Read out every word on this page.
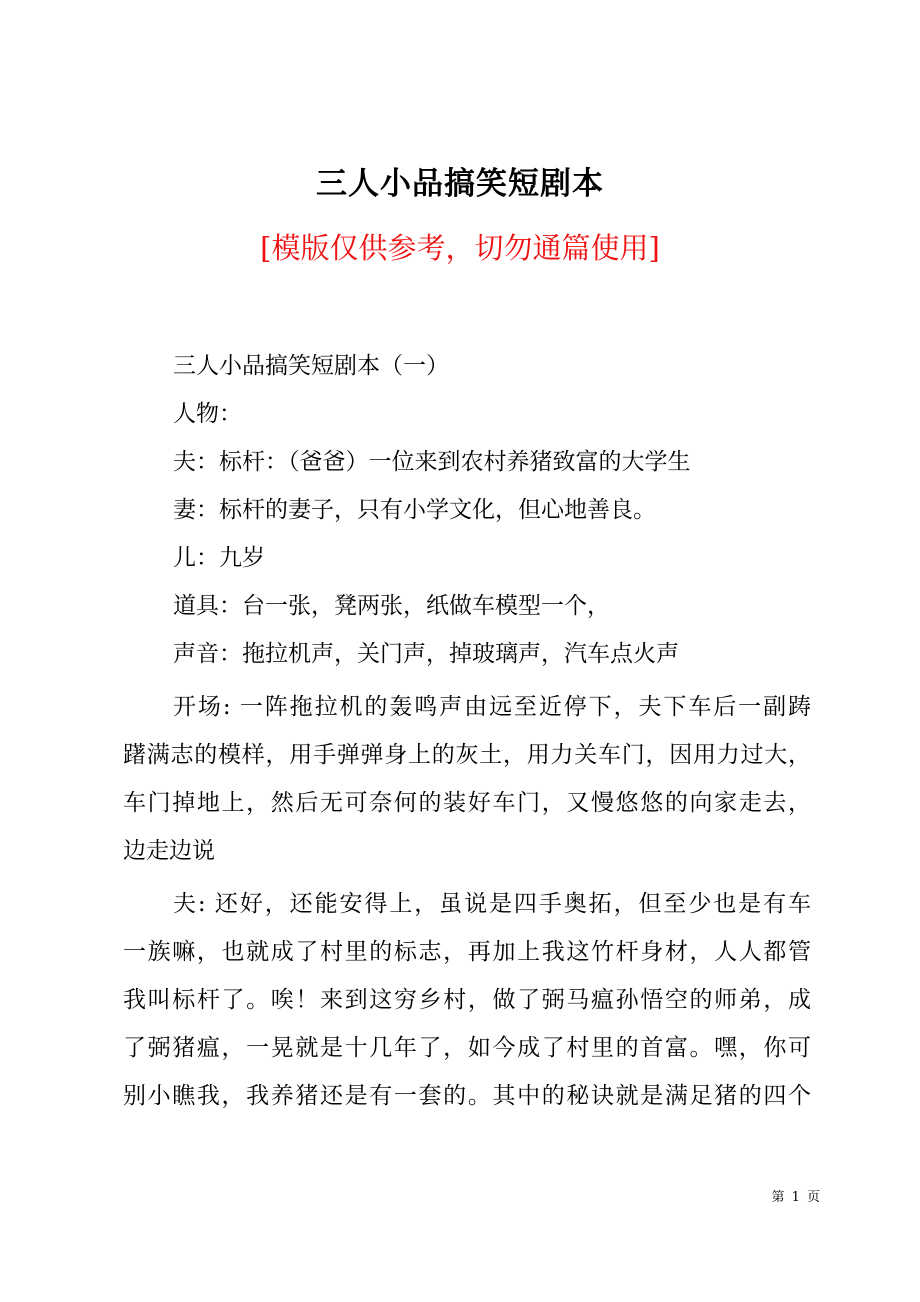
三人小品搞笑短剧本
[模版仅供参考，切勿通篇使用]

三人小品搞笑短剧本（一）

人物：

夫：标杆：（爸爸）一位来到农村养猪致富的大学生

妻：标杆的妻子，只有小学文化，但心地善良。

儿：九岁

道具：台一张，凳两张，纸做车模型一个，

声音：拖拉机声，关门声，掉玻璃声，汽车点火声

开场: 一阵拖拉机的轰鸣声由远至近停下，夫下车后一副踌

躇满志的模样，用手弹弹身上的灰土，用力关车门，因用力过大，

车门掉地上，然后无可奈何的装好车门，又慢悠悠的向家走去，

边走边说

夫: 还好，还能安得上，虽说是四手奥拓，但至少也是有车

一族嘛，也就成了村里的标志，再加上我这竹杆身材，人人都管

我叫标杆了。唉！来到这穷乡村，做了弼马瘟孙悟空的师弟，成

了弼猪瘟，一晃就是十几年了，如今成了村里的首富。嘿，你可

别小瞧我，我养猪还是有一套的。其中的秘诀就是满足猪的四个

第 1 页
